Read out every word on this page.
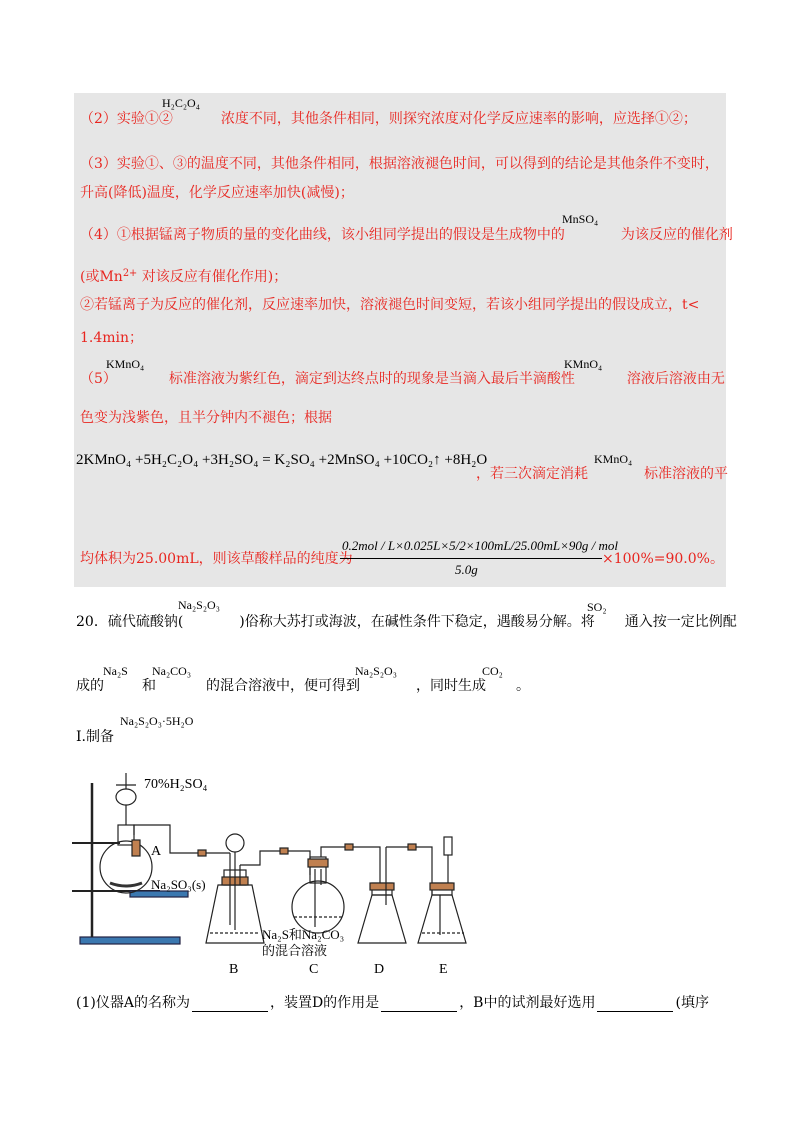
（2）实验①②	浓度不同，其他条件相同，则探究浓度对化学反应速率的影响，应选择①②；
H₂C₂O₄
（3）实验①、③的温度不同，其他条件相同，根据溶液褪色时间，可以得到的结论是其他条件不变时，
升高(降低)温度，化学反应速率加快(减慢)；
（4）①根据锰离子物质的量的变化曲线，该小组同学提出的假设是生成物中的	为该反应的催化剂
MnSO₄
(或$Mn^{2+}$ 对该反应有催化作用)；
②若锰离子为反应的催化剂，反应速率加快，溶液褪色时间变短，若该小组同学提出的假设成立，t<
1.4min；
（5）	标准溶液为紫红色，滴定到达终点时的现象是当滴入最后半滴酸性	溶液后溶液由无
KMnO₄	KMnO₄
色变为浅紫色，且半分钟内不褪色；根据
2KMnO₄ +5H₂C₂O₄ +3H₂SO₄ = K₂SO₄ +2MnSO₄ +10CO₂↑ +8H₂O
，若三次滴定消耗	标准溶液的平
KMnO₄
均体积为25.00mL，则该草酸样品的纯度为
0.2mol / L×0.025L×5/2×100mL/25.00mL×90g / mol
5.0g
×100%=90.0%。
20．硫代硫酸钠(	)俗称大苏打或海波，在碱性条件下稳定，遇酸易分解。将 通入按一定比例配
Na₂S₂O₃	SO₂
成的	和	的混合溶液中，便可得到	，同时生成 。
Na₂S Na₂CO₃	Na₂S₂O₃	CO₂
Ⅰ.制备
Na₂S₂O₃·5H₂O
70%H₂SO₄
A
Na₂SO₃(s)
Na₂S和Na₂CO₃
的混合溶液
B	C	D	E
(1)仪器A的名称为	，装置D的作用是	，B中的试剂最好选用	(填序
